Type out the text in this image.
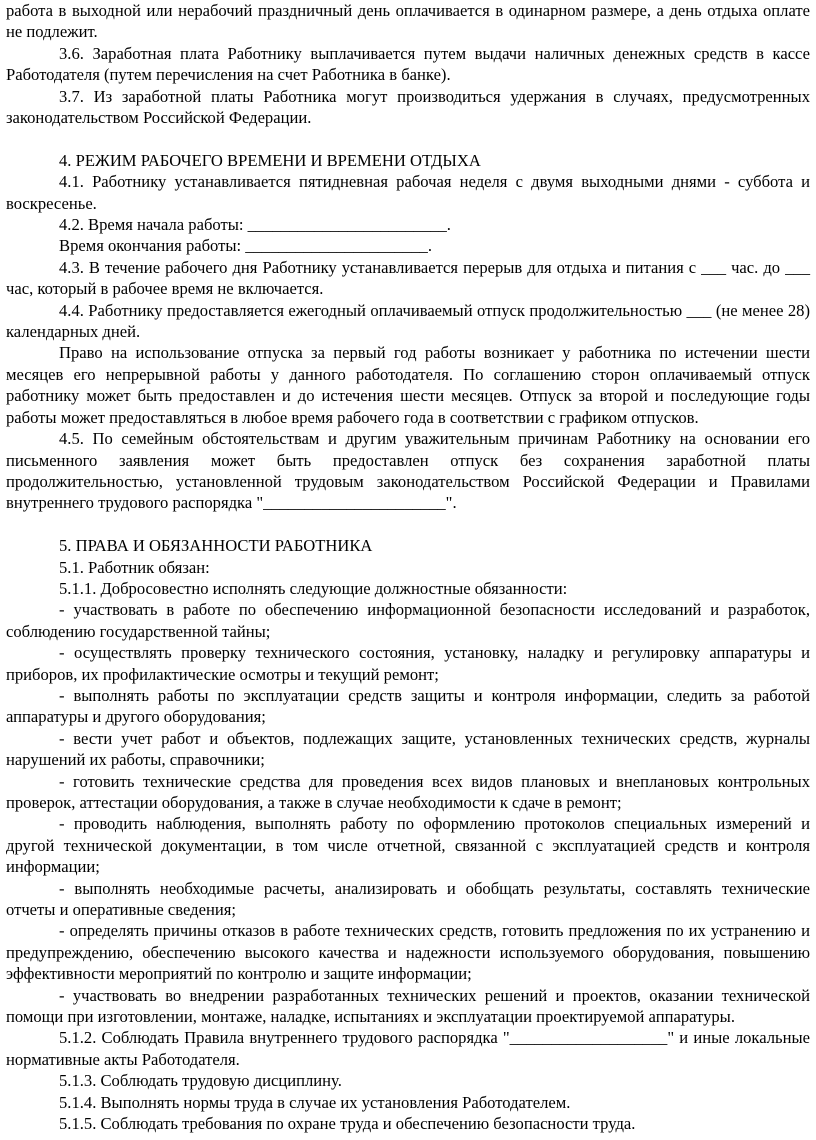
работа в выходной или нерабочий праздничный день оплачивается в одинарном размере, а день отдыха оплате не подлежит.

3.6. Заработная плата Работнику выплачивается путем выдачи наличных денежных средств в кассе Работодателя (путем перечисления на счет Работника в банке).

3.7. Из заработной платы Работника могут производиться удержания в случаях, предусмотренных законодательством Российской Федерации.

4. РЕЖИМ РАБОЧЕГО ВРЕМЕНИ И ВРЕМЕНИ ОТДЫХА

4.1. Работнику устанавливается пятидневная рабочая неделя с двумя выходными днями - суббота и воскресенье.

4.2. Время начала работы: ________________________.

Время окончания работы: ______________________.

4.3. В течение рабочего дня Работнику устанавливается перерыв для отдыха и питания с ___ час. до ___ час, который в рабочее время не включается.

4.4. Работнику предоставляется ежегодный оплачиваемый отпуск продолжительностью ___ (не менее 28) календарных дней.

Право на использование отпуска за первый год работы возникает у работника по истечении шести месяцев его непрерывной работы у данного работодателя. По соглашению сторон оплачиваемый отпуск работнику может быть предоставлен и до истечения шести месяцев. Отпуск за второй и последующие годы работы может предоставляться в любое время рабочего года в соответствии с графиком отпусков.

4.5. По семейным обстоятельствам и другим уважительным причинам Работнику на основании его письменного заявления может быть предоставлен отпуск без сохранения заработной платы продолжительностью, установленной трудовым законодательством Российской Федерации и Правилами внутреннего трудового распорядка "______________________".

5. ПРАВА И ОБЯЗАННОСТИ РАБОТНИКА

5.1. Работник обязан:

5.1.1. Добросовестно исполнять следующие должностные обязанности:

- участвовать в работе по обеспечению информационной безопасности исследований и разработок, соблюдению государственной тайны;

- осуществлять проверку технического состояния, установку, наладку и регулировку аппаратуры и приборов, их профилактические осмотры и текущий ремонт;

- выполнять работы по эксплуатации средств защиты и контроля информации, следить за работой аппаратуры и другого оборудования;

- вести учет работ и объектов, подлежащих защите, установленных технических средств, журналы нарушений их работы, справочники;

- готовить технические средства для проведения всех видов плановых и внеплановых контрольных проверок, аттестации оборудования, а также в случае необходимости к сдаче в ремонт;

- проводить наблюдения, выполнять работу по оформлению протоколов специальных измерений и другой технической документации, в том числе отчетной, связанной с эксплуатацией средств и контроля информации;

- выполнять необходимые расчеты, анализировать и обобщать результаты, составлять технические отчеты и оперативные сведения;

- определять причины отказов в работе технических средств, готовить предложения по их устранению и предупреждению, обеспечению высокого качества и надежности используемого оборудования, повышению эффективности мероприятий по контролю и защите информации;

- участвовать во внедрении разработанных технических решений и проектов, оказании технической помощи при изготовлении, монтаже, наладке, испытаниях и эксплуатации проектируемой аппаратуры.

5.1.2. Соблюдать Правила внутреннего трудового распорядка "___________________" и иные локальные нормативные акты Работодателя.

5.1.3. Соблюдать трудовую дисциплину.

5.1.4. Выполнять нормы труда в случае их установления Работодателем.

5.1.5. Соблюдать требования по охране труда и обеспечению безопасности труда.
